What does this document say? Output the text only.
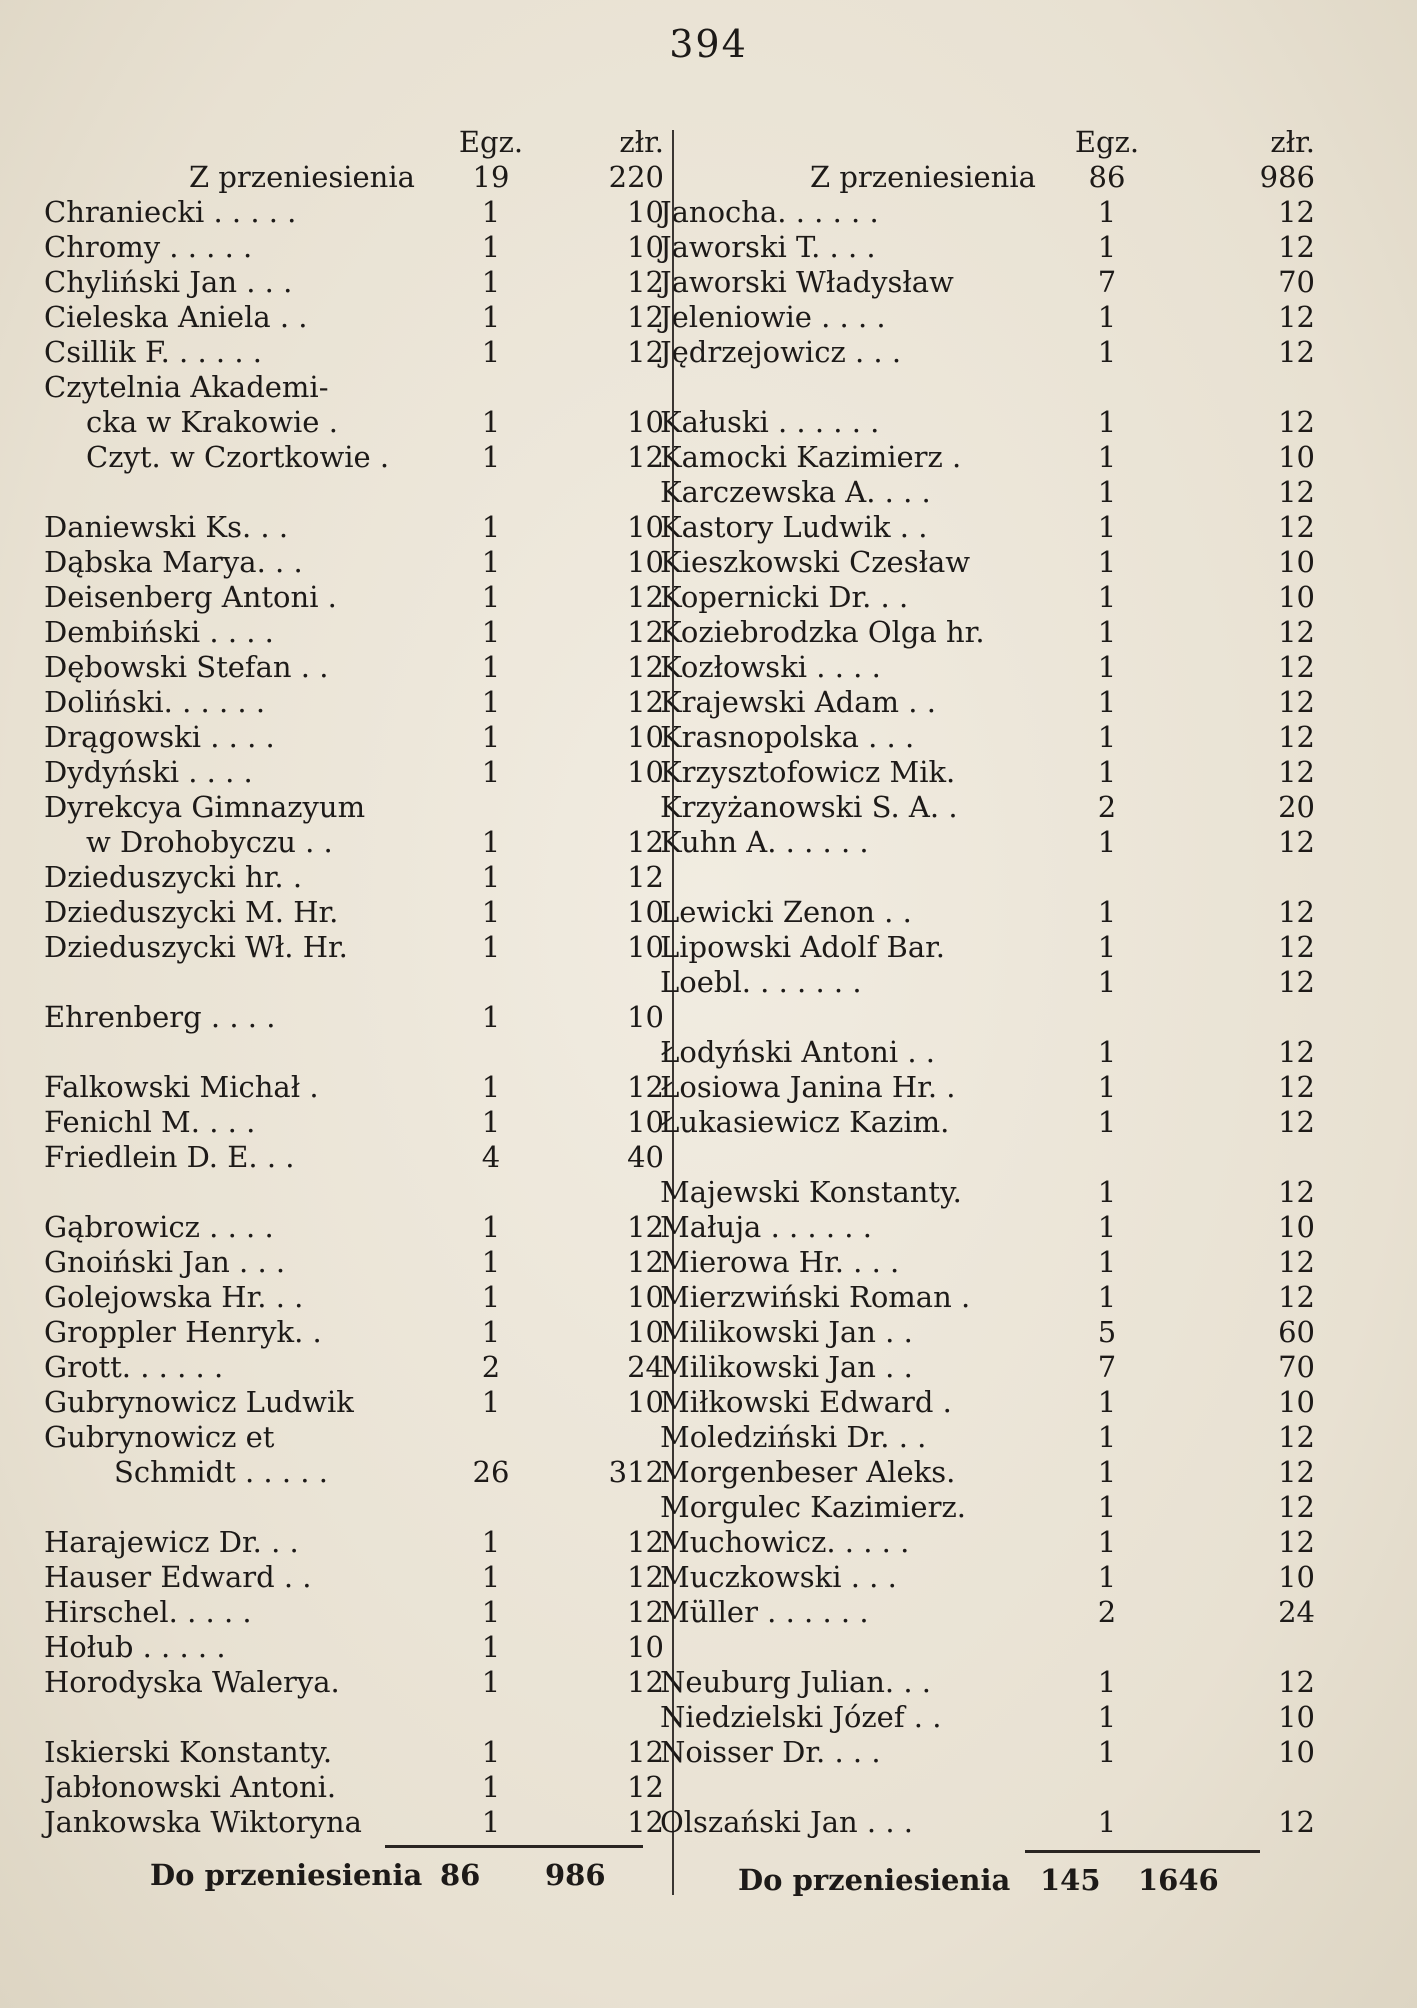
394
Egz.	złr.
Z przeniesienia	19	220
Chraniecki . . . . .	1	10
Chromy . . . . .	1	10
Chyliński Jan . . .	1	12
Cieleska Aniela . .	1	12
Csillik F. . . . . .	1	12
Czytelnia Akademi-
cka w Krakowie .	1	10
Czyt. w Czortkowie .	1	12
Daniewski Ks. . .	1	10
Dąbska Marya. . .	1	10
Deisenberg Antoni .	1	12
Dembiński . . . .	1	12
Dębowski Stefan . .	1	12
Doliński. . . . . .	1	12
Drągowski . . . .	1	10
Dydyński . . . .	1	10
Dyrekcya Gimnazyum
w Drohobyczu . .	1	12
Dzieduszycki hr. .	1	12
Dzieduszycki M. Hr.	1	10
Dzieduszycki Wł. Hr.	1	10
Ehrenberg . . . .	1	10
Falkowski Michał .	1	12
Fenichl M. . . .	1	10
Friedlein D. E. . .	4	40
Gąbrowicz . . . .	1	12
Gnoiński Jan . . .	1	12
Golejowska Hr. . .	1	10
Groppler Henryk. .	1	10
Grott. . . . . .	2	24
Gubrynowicz Ludwik	1	10
Gubrynowicz et
Schmidt . . . . .	26	312
Harajewicz Dr. . .	1	12
Hauser Edward . .	1	12
Hirschel. . . . .	1	12
Hołub . . . . .	1	10
Horodyska Walerya.	1	12
Iskierski Konstanty.	1	12
Jabłonowski Antoni.	1	12
Jankowska Wiktoryna	1	12
Egz.	złr.
Z przeniesienia	86	986
Janocha. . . . . .	1	12
Jaworski T. . . .	1	12
Jaworski Władysław	7	70
Jeleniowie . . . .	1	12
Jędrzejowicz . . .	1	12
Kałuski . . . . . .	1	12
Kamocki Kazimierz .	1	10
Karczewska A. . . .	1	12
Kastory Ludwik . .	1	12
Kieszkowski Czesław	1	10
Kopernicki Dr. . .	1	10
Koziebrodzka Olga hr.	1	12
Kozłowski . . . .	1	12
Krajewski Adam . .	1	12
Krasnopolska . . .	1	12
Krzysztofowicz Mik.	1	12
Krzyżanowski S. A. .	2	20
Kuhn A. . . . . .	1	12
Lewicki Zenon . .	1	12
Lipowski Adolf Bar.	1	12
Loebl. . . . . . .	1	12
Łodyński Antoni . .	1	12
Łosiowa Janina Hr. .	1	12
Łukasiewicz Kazim.	1	12
Majewski Konstanty.	1	12
Małuja . . . . . .	1	10
Mierowa Hr. . . .	1	12
Mierzwiński Roman .	1	12
Milikowski Jan . .	5	60
Milikowski Jan . .	7	70
Miłkowski Edward .	1	10
Moledziński Dr. . .	1	12
Morgenbeser Aleks.	1	12
Morgulec Kazimierz.	1	12
Muchowicz. . . . .	1	12
Muczkowski . . .	1	10
Müller . . . . . .	2	24
Neuburg Julian. . .	1	12
Niedzielski Józef . .	1	10
Noisser Dr. . . .	1	10
Olszański Jan . . .	1	12
Do przeniesienia 86 986	Do przeniesienia 145 1646
